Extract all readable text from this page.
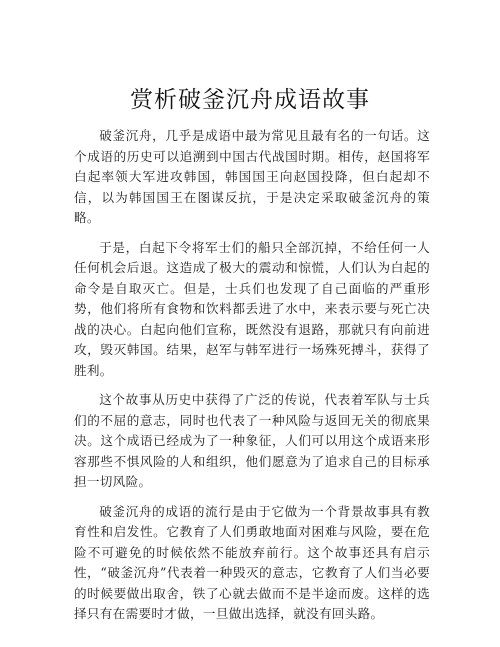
赏析破釜沉舟成语故事

破釜沉舟，几乎是成语中最为常见且最有名的一句话。这个成语的历史可以追溯到中国古代战国时期。相传，赵国将军白起率领大军进攻韩国，韩国国王向赵国投降，但白起却不信，以为韩国国王在图谋反抗，于是决定采取破釜沉舟的策略。

于是，白起下令将军士们的船只全部沉掉，不给任何一人任何机会后退。这造成了极大的震动和惊慌，人们认为白起的命令是自取灭亡。但是，士兵们也发现了自己面临的严重形势，他们将所有食物和饮料都丢进了水中，来表示要与死亡决战的决心。白起向他们宣称，既然没有退路，那就只有向前进攻，毁灭韩国。结果，赵军与韩军进行一场殊死搏斗，获得了胜利。

这个故事从历史中获得了广泛的传说，代表着军队与士兵们的不屈的意志，同时也代表了一种风险与返回无关的彻底果决。这个成语已经成为了一种象征，人们可以用这个成语来形容那些不惧风险的人和组织，他们愿意为了追求自己的目标承担一切风险。

破釜沉舟的成语的流行是由于它做为一个背景故事具有教育性和启发性。它教育了人们勇敢地面对困难与风险，要在危险不可避免的时候依然不能放弃前行。这个故事还具有启示性，“破釜沉舟”代表着一种毁灭的意志，它教育了人们当必要的时候要做出取舍，铁了心就去做而不是半途而废。这样的选择只有在需要时才做，一旦做出选择，就没有回头路。
